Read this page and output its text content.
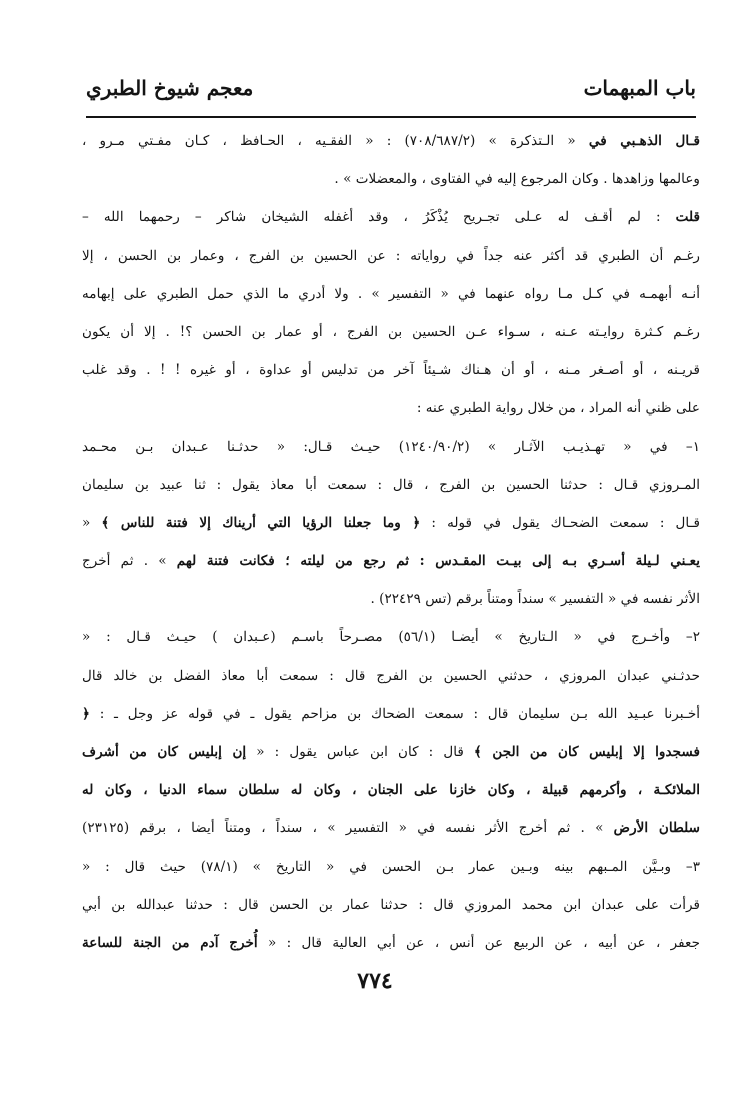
باب المبهمات
معجم شيوخ الطبري
قـال الذهـبي في « الـتذكرة » (٧٠٨/٦٨٧/٢) : « الفقـيه ، الحـافظ ، كـان مفـتي مـرو ،
وعالمها وزاهدها . وكان المرجوع إليه في الفتاوى ، والمعضلات » .
قلت : لم أقـف له عـلى تجـريح يُذْكَرُ ، وقد أغفله الشيخان شاكر – رحمهما الله –
رغـم أن الطبري قد أكثر عنه جداً في رواياته : عن الحسين بن الفرج ، وعمار بن الحسن ، إلا
أنـه أبهمـه في كـل مـا رواه عنهما في « التفسير » . ولا أدري ما الذي حمل الطبري على إبهامه
رغـم كـثرة روايـته عـنه ، سـواء عـن الحسين بن الفرج ، أو عمار بن الحسن ؟! . إلا أن يكون
قريـنه ، أو أصـغر مـنه ، أو أن هـناك شـيئاً آخر من تدليس أو عداوة ، أو غيره ! ! . وقد غلب
على ظني أنه المراد ، من خلال رواية الطبري عنه :
١– في « تهـذيـب الآثـار » (١٢٤٠/٩٠/٢) حيـث قـال: « حدثـنا عـبدان بـن محـمد
المـروزي قـال : حدثنا الحسين بن الفرج ، قال : سمعت أبا معاذ يقول : ثنا عبيد بن سليمان
قـال : سمعت الضحـاك يقول في قوله : ﴿ وما جعلنا الرؤيا التي أريناك إلا فتنة للناس ﴾ «
يعـني لـيلة أسـري بـه إلى بيـت المقـدس : ثم رجع من ليلته ؛ فكانت فتنة لهم » . ثم أخرج
الأثر نفسه في « التفسير » سنداً ومتناً برقم (تس ٢٢٤٢٩) .
٢– وأخـرج في « الـتاريخ » أيضـا (٥٦/١) مصـرحاً باسـم (عـبدان ) حيـث قـال : «
حدثـني عبدان المروزي ، حدثني الحسين بن الفرج قال : سمعت أبا معاذ الفضل بن خالد قال
أخـبرنا عبـيد الله بـن سليمان قال : سمعت الضحاك بن مزاحم يقول ـ في قوله عز وجل ـ : ﴿
فسجدوا إلا إبليس كان من الجن ﴾ قال : كان ابن عباس يقول : « إن إبليس كان من أشرف
الملائكـة ، وأكرمهم قبيلة ، وكان خازنا على الجنان ، وكان له سلطان سماء الدنيا ، وكان له
سلطان الأرض » . ثم أخرج الأثر نفسه في « التفسير » ، سنداً ، ومتناً أيضا ، برقم (٢٣١٢٥)
٣– وبـيَّن المـبهم بينه وبـين عمار بـن الحسن في « التاريخ » (٧٨/١) حيث قال : «
قرأت على عبدان ابن محمد المروزي قال : حدثنا عمار بن الحسن قال : حدثنا عبدالله بن أبي
جعفر ، عن أبيه ، عن الربيع عن أنس ، عن أبي العالية قال : « أُخرج آدم من الجنة للساعة
٧٧٤
